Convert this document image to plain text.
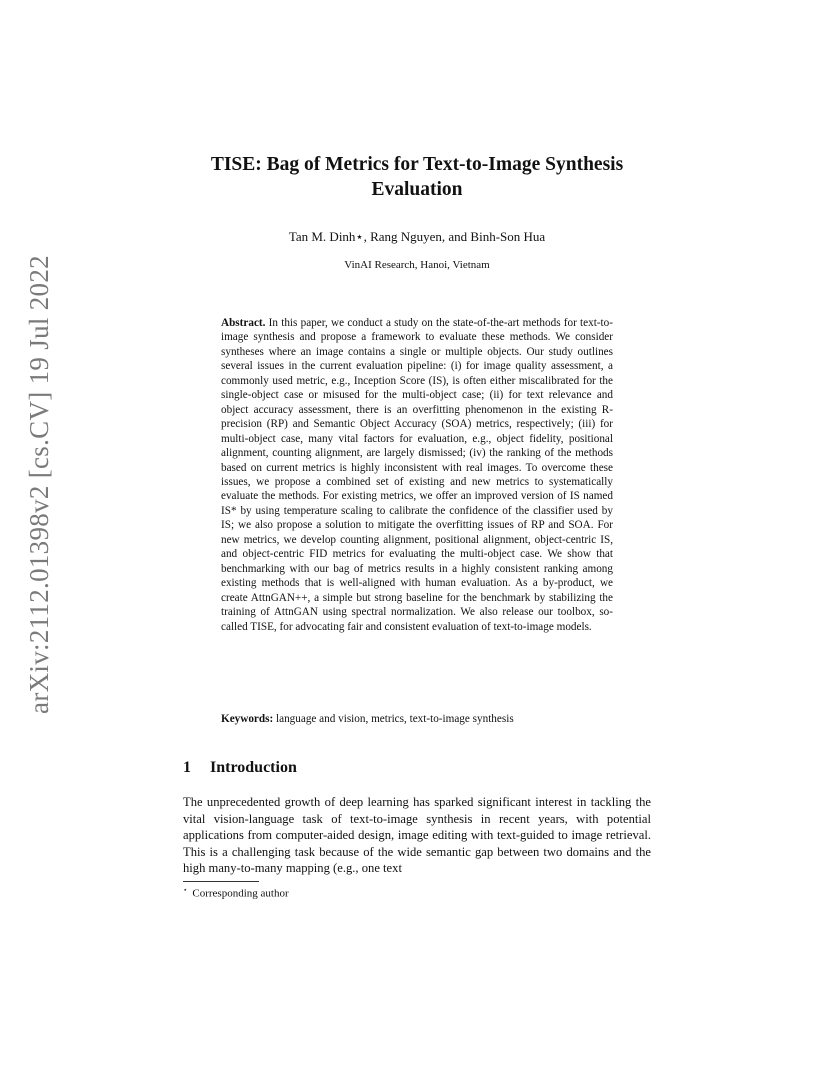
arXiv:2112.01398v2 [cs.CV] 19 Jul 2022
TISE: Bag of Metrics for Text-to-Image Synthesis Evaluation
Tan M. Dinh⋆, Rang Nguyen, and Binh-Son Hua
VinAI Research, Hanoi, Vietnam
Abstract. In this paper, we conduct a study on the state-of-the-art methods for text-to-image synthesis and propose a framework to evaluate these methods. We consider syntheses where an image contains a single or multiple objects. Our study outlines several issues in the current evaluation pipeline: (i) for image quality assessment, a commonly used metric, e.g., Inception Score (IS), is often either miscalibrated for the single-object case or misused for the multi-object case; (ii) for text relevance and object accuracy assessment, there is an overfitting phenomenon in the existing R-precision (RP) and Semantic Object Accuracy (SOA) metrics, respectively; (iii) for multi-object case, many vital factors for evaluation, e.g., object fidelity, positional alignment, counting alignment, are largely dismissed; (iv) the ranking of the methods based on current metrics is highly inconsistent with real images. To overcome these issues, we propose a combined set of existing and new metrics to systematically evaluate the methods. For existing metrics, we offer an improved version of IS named IS* by using temperature scaling to calibrate the confidence of the classifier used by IS; we also propose a solution to mitigate the overfitting issues of RP and SOA. For new metrics, we develop counting alignment, positional alignment, object-centric IS, and object-centric FID metrics for evaluating the multi-object case. We show that benchmarking with our bag of metrics results in a highly consistent ranking among existing methods that is well-aligned with human evaluation. As a by-product, we create AttnGAN++, a simple but strong baseline for the benchmark by stabilizing the training of AttnGAN using spectral normalization. We also release our toolbox, so-called TISE, for advocating fair and consistent evaluation of text-to-image models.
Keywords: language and vision, metrics, text-to-image synthesis
1 Introduction
The unprecedented growth of deep learning has sparked significant interest in tackling the vital vision-language task of text-to-image synthesis in recent years, with potential applications from computer-aided design, image editing with text-guided to image retrieval. This is a challenging task because of the wide semantic gap between two domains and the high many-to-many mapping (e.g., one text
⋆ Corresponding author
